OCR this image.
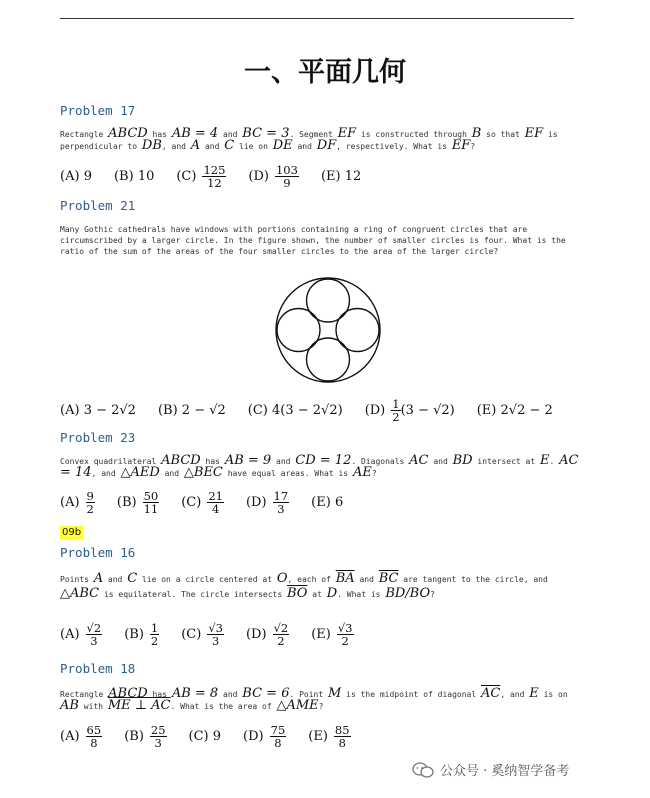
一、平面几何
Problem 17
Rectangle ABCD has AB = 4 and BC = 3. Segment EF is constructed through B so that EF is perpendicular to DB, and A and C lie on DE and DF, respectively. What is EF?
(A)
9 (B)
10 $(C) \frac{125}{12} (D) \frac{103}{9} (E)$
12
Problem 21
Many Gothic cathedrals have windows with portions containing a ring of congruent circles that are circumscribed by a larger circle. In the figure shown, the number of smaller circles is four. What is the ratio of the sum of the areas of the four smaller circles to the area of the larger circle?
(A)
3 − 2√2 (B)
2 − √2 (C)
4(3 − 2√2) $(D) \frac{1}{2} (3 - √2)$ (E)
2√2 − 2
Problem 23
Convex quadrilateral ABCD has AB = 9 and CD = 12. Diagonals AC and BD intersect at E. AC = 14, and △AED and △BEC have equal areas. What is AE?
$(A) \frac{9}{2} (B) \frac{50}{11} (C) \frac{21}{4} (D) \frac{17}{3} (E)$
6
09b
Problem 16
Points A and C lie on a circle centered at O, each of $\overline{BA}$ and $\overline{BC}$ are tangent to the circle, and △ABC is equilateral. The circle intersects $\overline{BO}$ at D. What is BD/BO?
$(A) \frac{√2}{3} (B) \frac{1}{2} (C) \frac{√3}{3} (D) \frac{√2}{2} (E) \frac{√3}{2}$
Problem 18
Rectangle ABCD has AB = 8 and BC = 6. Point M is the midpoint of diagonal $\overline{AC}$, and E is on AB with ME ⊥ AC. What is the area of △AME?
$(A) \frac{65}{8} (B) \frac{25}{3} (C)$
9 $(D) \frac{75}{8} (E) \frac{85}{8}$
公众号 · 奚纳智学备考
